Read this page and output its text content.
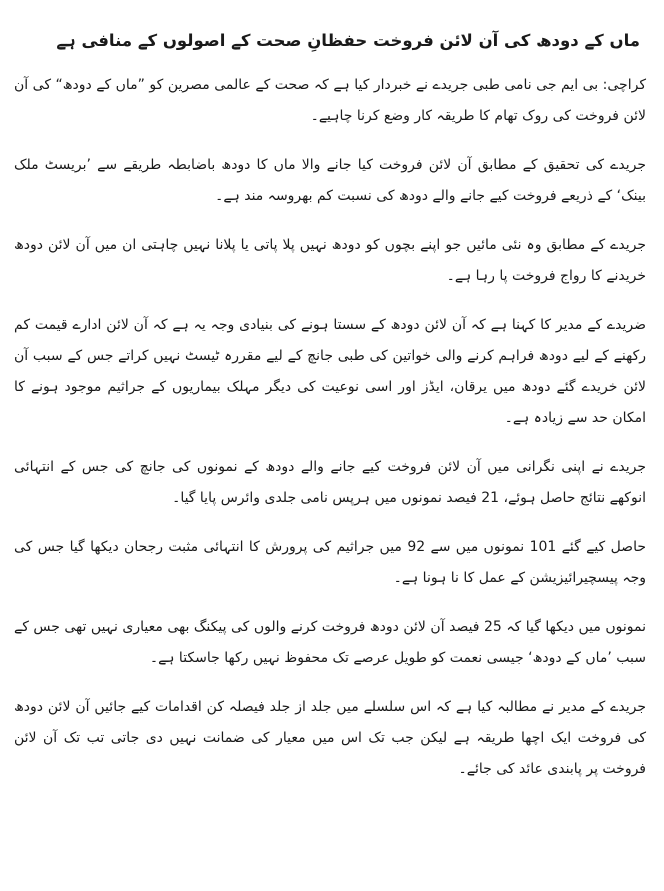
ماں کے دودھ کی آن لائن فروخت حفظانِ صحت کے اصولوں کے منافی ہے

کراچی: بی ایم جی نامی طبی جریدے نے خبردار کیا ہے کہ صحت کے عالمی مصرین کو ”ماں کے دودھ“ کی آن لائن فروخت کی روک تھام کا طریقہ کار وضع کرنا چاہیے۔

جریدے کی تحقیق کے مطابق آن لائن فروخت کیا جانے والا ماں کا دودھ باضابطہ طریقے سے ’بریسٹ ملک بینک‘ کے ذریعے فروخت کیے جانے والے دودھ کی نسبت کم بھروسہ مند ہے۔

جریدے کے مطابق وہ نئی مائیں جو اپنے بچوں کو دودھ نہیں پلا پاتی یا پلانا نہیں چاہتی ان میں آن لائن دودھ خریدنے کا رواج فروخت پا رہا ہے۔

ضریدے کے مدیر کا کہنا ہے کہ آن لائن دودھ کے سستا ہونے کی بنیادی وجہ یہ ہے کہ آن لائن ادارے قیمت کم رکھنے کے لیے دودھ فراہم کرنے والی خواتین کی طبی جانچ کے لیے مقررہ ٹیسٹ نہیں کراتے جس کے سبب آن لائن خریدے گئے دودھ میں یرقان، ایڈز اور اسی نوعیت کی دیگر مہلک بیماریوں کے جراثیم موجود ہونے کا امکان حد سے زیادہ ہے۔

جریدے نے اپنی نگرانی میں آن لائن فروخت کیے جانے والے دودھ کے نمونوں کی جانچ کی جس کے انتہائی انوکھے نتائج حاصل ہوئے، 21 فیصد نمونوں میں ہرپس نامی جلدی وائرس پایا گیا۔

حاصل کیے گئے 101 نمونوں میں سے 92 میں جراثیم کی پرورش کا انتہائی مثبت رجحان دیکھا گیا جس کی وجہ پیسچیرائیزیشن کے عمل کا نا ہونا ہے۔

نمونوں میں دیکھا گیا کہ 25 فیصد آن لائن دودھ فروخت کرنے والوں کی پیکنگ بھی معیاری نہیں تھی جس کے سبب ’ماں کے دودھ‘ جیسی نعمت کو طویل عرصے تک محفوظ نہیں رکھا جاسکتا ہے۔

جریدے کے مدیر نے مطالبہ کیا ہے کہ اس سلسلے میں جلد از جلد فیصلہ کن اقدامات کیے جائیں آن لائن دودھ کی فروخت ایک اچھا طریقہ ہے لیکن جب تک اس میں معیار کی ضمانت نہیں دی جاتی تب تک آن لائن فروخت پر پابندی عائد کی جائے۔
